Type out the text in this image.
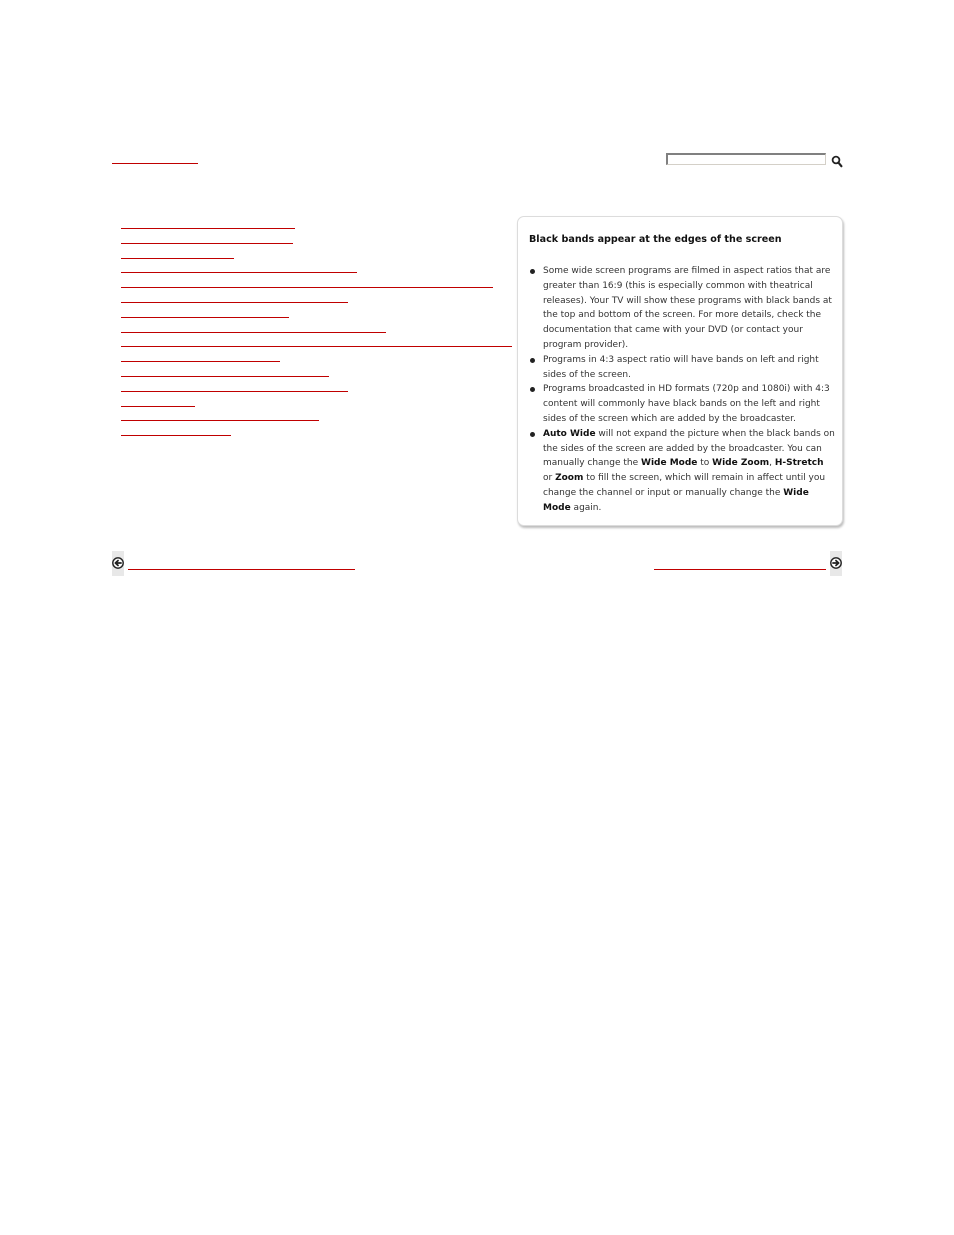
Black bands appear at the edges of the screen
Some wide screen programs are filmed in aspect ratios that are greater than 16:9 (this is especially common with theatrical releases). Your TV will show these programs with black bands at the top and bottom of the screen. For more details, check the documentation that came with your DVD (or contact your program provider).
Programs in 4:3 aspect ratio will have bands on left and right sides of the screen.
Programs broadcasted in HD formats (720p and 1080i) with 4:3 content will commonly have black bands on the left and right sides of the screen which are added by the broadcaster.
Auto Wide will not expand the picture when the black bands on the sides of the screen are added by the broadcaster. You can manually change the Wide Mode to Wide Zoom, H-Stretch or Zoom to fill the screen, which will remain in affect until you change the channel or input or manually change the Wide Mode again.
